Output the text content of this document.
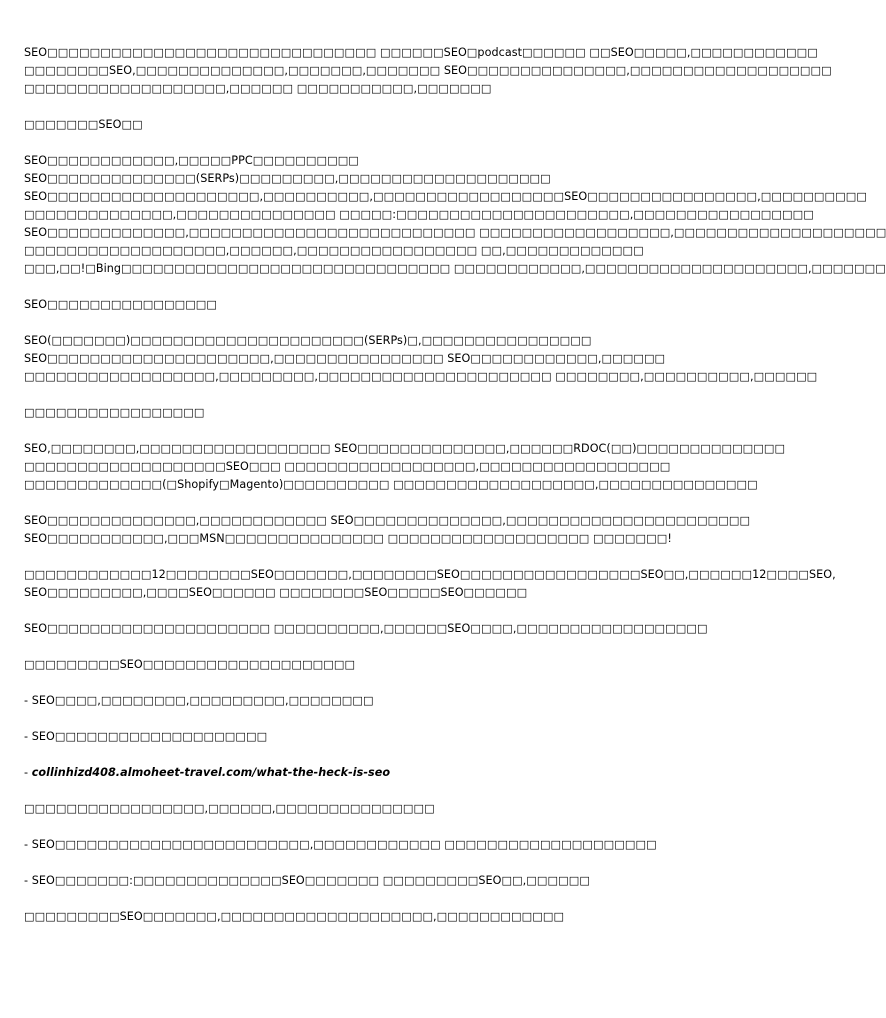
SEO□□□□□□□□□□□□□□□□□□□□□□□□□□□□□□□ □□□□□□SEO□podcast□□□□□□ □□SEO□□□□□,□□□□□□□□□□□□
□□□□□□□□SEO,□□□□□□□□□□□□□□,□□□□□□□,□□□□□□□ SEO□□□□□□□□□□□□□□□,□□□□□□□□□□□□□□□□□□□
□□□□□□□□□□□□□□□□□□□,□□□□□□ □□□□□□□□□□□,□□□□□□□
□□□□□□□SEO□□
SEO□□□□□□□□□□□□,□□□□□PPC□□□□□□□□□□
SEO□□□□□□□□□□□□□□(SERPs)□□□□□□□□□,□□□□□□□□□□□□□□□□□□□□
SEO□□□□□□□□□□□□□□□□□□□□,□□□□□□□□□□,□□□□□□□□□□□□□□□□□□SEO□□□□□□□□□□□□□□□□,□□□□□□□□□□
□□□□□□□□□□□□□□,□□□□□□□□□□□□□□□ □□□□□:□□□□□□□□□□□□□□□□□□□□□□,□□□□□□□□□□□□□□□□□
SEO□□□□□□□□□□□□□,□□□□□□□□□□□□□□□□□□□□□□□□□□□ □□□□□□□□□□□□□□□□□□,□□□□□□□□□□□□□□□□□□□□
□□□□□□□□□□□□□□□□□□□,□□□□□□,□□□□□□□□□□□□□□□□□ □□,□□□□□□□□□□□□□
□□□,□□!□Bing□□□□□□□□□□□□□□□□□□□□□□□□□□□□□□□ □□□□□□□□□□□□,□□□□□□□□□□□□□□□□□□□□□,□□□□□□□
SEO□□□□□□□□□□□□□□□□
SEO(□□□□□□□)□□□□□□□□□□□□□□□□□□□□□□(SERPs)□,□□□□□□□□□□□□□□□□
SEO□□□□□□□□□□□□□□□□□□□□□,□□□□□□□□□□□□□□□□ SEO□□□□□□□□□□□□,□□□□□□
□□□□□□□□□□□□□□□□□□,□□□□□□□□□,□□□□□□□□□□□□□□□□□□□□□□ □□□□□□□□,□□□□□□□□□□,□□□□□□
□□□□□□□□□□□□□□□□□
SEO,□□□□□□□□,□□□□□□□□□□□□□□□□□□ SEO□□□□□□□□□□□□□□,□□□□□□RDOC(□□)□□□□□□□□□□□□□□
□□□□□□□□□□□□□□□□□□□SEO□□□ □□□□□□□□□□□□□□□□□□,□□□□□□□□□□□□□□□□□□
□□□□□□□□□□□□□(□Shopify□Magento)□□□□□□□□□□ □□□□□□□□□□□□□□□□□□□,□□□□□□□□□□□□□□□
SEO□□□□□□□□□□□□□□,□□□□□□□□□□□□ SEO□□□□□□□□□□□□□□,□□□□□□□□□□□□□□□□□□□□□□□
SEO□□□□□□□□□□□,□□□MSN□□□□□□□□□□□□□□□ □□□□□□□□□□□□□□□□□□□ □□□□□□□!
□□□□□□□□□□□□12□□□□□□□□SEO□□□□□□□,□□□□□□□□SEO□□□□□□□□□□□□□□□□□SEO□□,□□□□□□12□□□□SEO,
SEO□□□□□□□□□,□□□□SEO□□□□□□ □□□□□□□□SEO□□□□□SEO□□□□□□
SEO□□□□□□□□□□□□□□□□□□□□□ □□□□□□□□□□,□□□□□□SEO□□□□,□□□□□□□□□□□□□□□□□□
□□□□□□□□□SEO□□□□□□□□□□□□□□□□□□□□
- SEO□□□□,□□□□□□□□,□□□□□□□□□,□□□□□□□□
- SEO□□□□□□□□□□□□□□□□□□□□
- collinhizd408.almoheet-travel.com/what-the-heck-is-seo
□□□□□□□□□□□□□□□□□,□□□□□□,□□□□□□□□□□□□□□□
- SEO□□□□□□□□□□□□□□□□□□□□□□□□,□□□□□□□□□□□□ □□□□□□□□□□□□□□□□□□□□
- SEO□□□□□□□:□□□□□□□□□□□□□□SEO□□□□□□□ □□□□□□□□□SEO□□,□□□□□□
□□□□□□□□□SEO□□□□□□□,□□□□□□□□□□□□□□□□□□□□,□□□□□□□□□□□□
